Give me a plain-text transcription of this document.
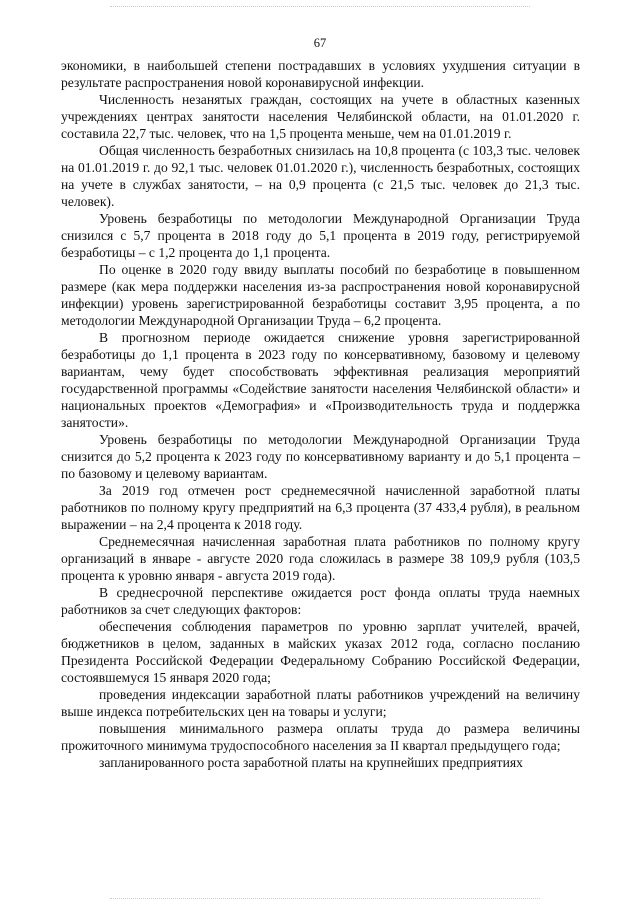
67

экономики, в наибольшей степени пострадавших в условиях ухудшения ситуации в результате распространения новой коронавирусной инфекции.

Численность незанятых граждан, состоящих на учете в областных казенных учреждениях центрах занятости населения Челябинской области, на 01.01.2020 г. составила 22,7 тыс. человек, что на 1,5 процента меньше, чем на 01.01.2019 г.

Общая численность безработных снизилась на 10,8 процента (с 103,3 тыс. человек на 01.01.2019 г. до 92,1 тыс. человек 01.01.2020 г.), численность безработных, состоящих на учете в службах занятости, – на 0,9 процента (с 21,5 тыс. человек до 21,3 тыс. человек).

Уровень безработицы по методологии Международной Организации Труда снизился с 5,7 процента в 2018 году до 5,1 процента в 2019 году, регистрируемой безработицы – с 1,2 процента до 1,1 процента.

По оценке в 2020 году ввиду выплаты пособий по безработице в повышенном размере (как мера поддержки населения из-за распространения новой коронавирусной инфекции) уровень зарегистрированной безработицы составит 3,95 процента, а по методологии Международной Организации Труда – 6,2 процента.

В прогнозном периоде ожидается снижение уровня зарегистрированной безработицы до 1,1 процента в 2023 году по консервативному, базовому и целевому вариантам, чему будет способствовать эффективная реализация мероприятий государственной программы «Содействие занятости населения Челябинской области» и национальных проектов «Демография» и «Производительность труда и поддержка занятости».

Уровень безработицы по методологии Международной Организации Труда снизится до 5,2 процента к 2023 году по консервативному варианту и до 5,1 процента – по базовому и целевому вариантам.

За 2019 год отмечен рост среднемесячной начисленной заработной платы работников по полному кругу предприятий на 6,3 процента (37 433,4 рубля), в реальном выражении – на 2,4 процента к 2018 году.

Среднемесячная начисленная заработная плата работников по полному кругу организаций в январе - августе 2020 года сложилась в размере 38 109,9 рубля (103,5 процента к уровню января - августа 2019 года).

В среднесрочной перспективе ожидается рост фонда оплаты труда наемных работников за счет следующих факторов:

обеспечения соблюдения параметров по уровню зарплат учителей, врачей, бюджетников в целом, заданных в майских указах 2012 года, согласно посланию Президента Российской Федерации Федеральному Собранию Российской Федерации, состоявшемуся 15 января 2020 года;

проведения индексации заработной платы работников учреждений на величину выше индекса потребительских цен на товары и услуги;

повышения минимального размера оплаты труда до размера величины прожиточного минимума трудоспособного населения за II квартал предыдущего года;

запланированного роста заработной платы на крупнейших предприятиях
